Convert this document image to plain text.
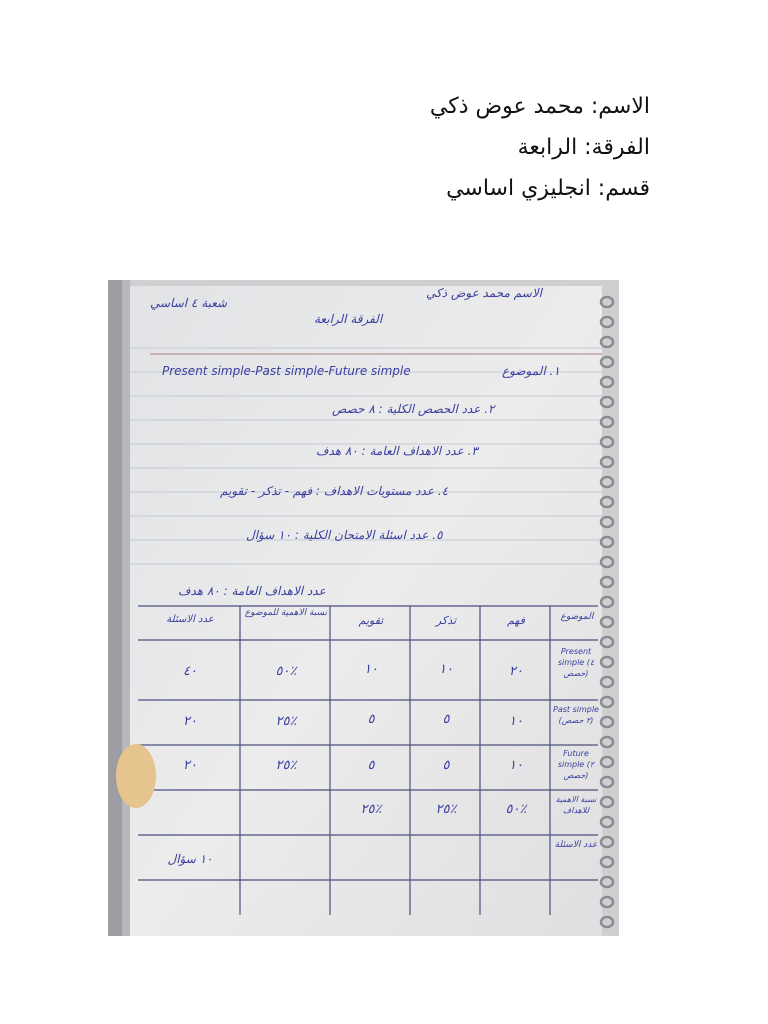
الاسم: محمد عوض ذكي
الفرقة: الرابعة
قسم: انجليزي اساسي
الاسم محمد عوض ذكي
شعبة ٤ اساسي
الفرقة الرابعة
Present simple-Past simple-Future simple	١. الموضوع
٢. عدد الحصص الكلية : ٨ حصص
٣. عدد الاهداف العامة : ٨٠ هدف
٤. عدد مستويات الاهداف : فهم - تذكر - تقويم
٥. عدد اسئلة الامتحان الكلية : ١٠ سؤال
عدد الاهداف العامة : ٨٠ هدف
الموضوع
فهم
تذكر
تقويم
نسبة الاهمية للموضوع
عدد الاسئلة
Present simple (٤ حصص)
٢٠
١٠
١٠
٥٠٪
٤٠
Past simple (٢ حصص)
١٠
٥
٥
٢٥٪
٢٠
Future simple (٢ حصص)
١٠
٥
٥
٢٥٪
٢٠
نسبة الاهمية للاهداف
٥٠٪
٢٥٪
٢٥٪
عدد الاسئلة
١٠ سؤال
